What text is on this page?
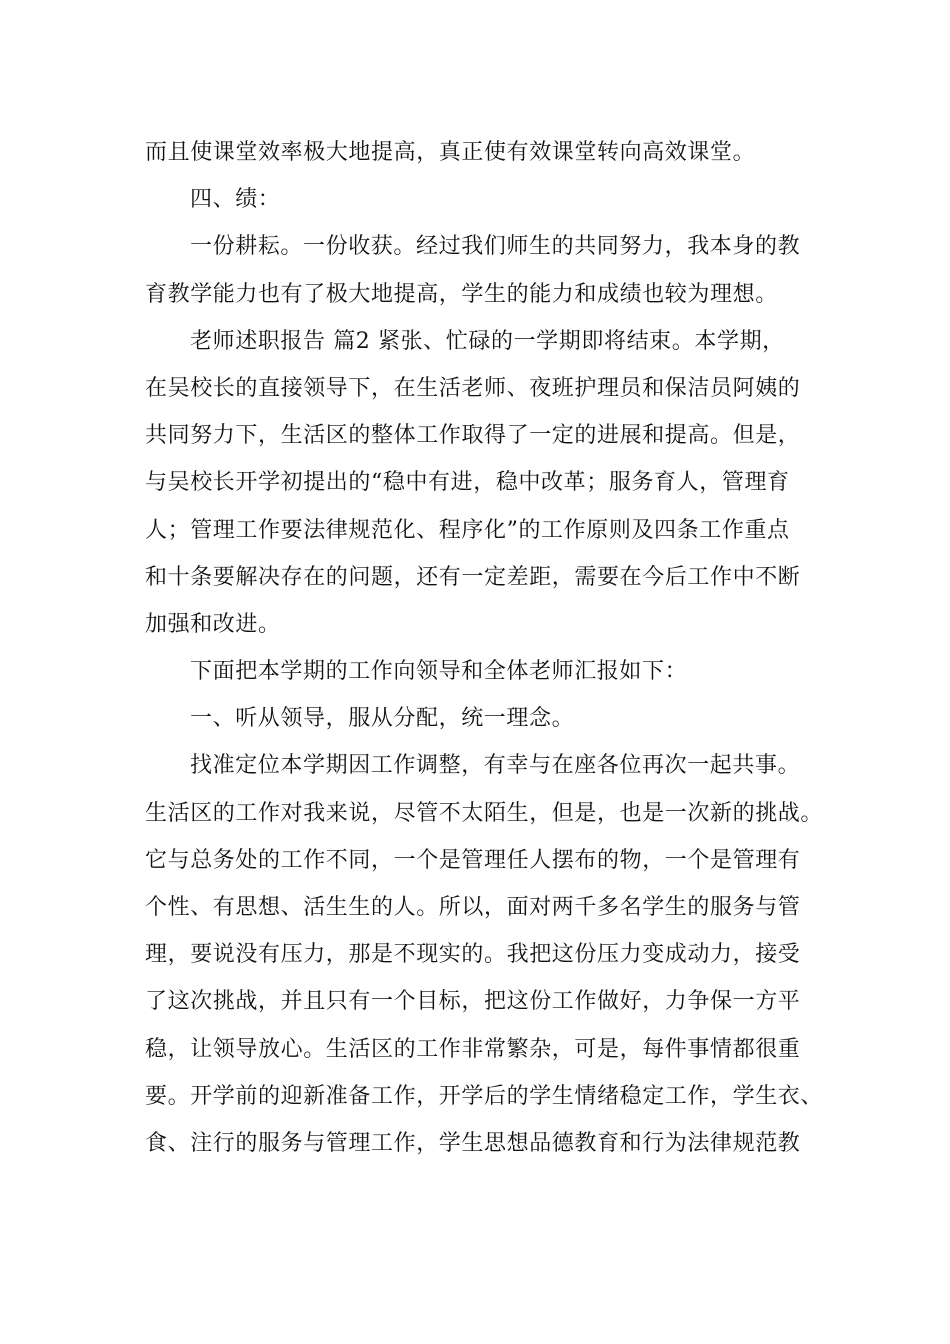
而且使课堂效率极大地提高，真正使有效课堂转向高效课堂。
四、绩：
一份耕耘。一份收获。经过我们师生的共同努力，我本身的教
育教学能力也有了极大地提高，学生的能力和成绩也较为理想。
老师述职报告 篇2 紧张、忙碌的一学期即将结束。本学期，
在吴校长的直接领导下，在生活老师、夜班护理员和保洁员阿姨的
共同努力下，生活区的整体工作取得了一定的进展和提高。但是，
与吴校长开学初提出的“稳中有进，稳中改革；服务育人，管理育
人；管理工作要法律规范化、程序化”的工作原则及四条工作重点
和十条要解决存在的问题，还有一定差距，需要在今后工作中不断
加强和改进。
下面把本学期的工作向领导和全体老师汇报如下：
一、听从领导，服从分配，统一理念。
找准定位本学期因工作调整，有幸与在座各位再次一起共事。
生活区的工作对我来说，尽管不太陌生，但是，也是一次新的挑战。
它与总务处的工作不同，一个是管理任人摆布的物，一个是管理有
个性、有思想、活生生的人。所以，面对两千多名学生的服务与管
理，要说没有压力，那是不现实的。我把这份压力变成动力，接受
了这次挑战，并且只有一个目标，把这份工作做好，力争保一方平
稳，让领导放心。生活区的工作非常繁杂，可是，每件事情都很重
要。开学前的迎新准备工作，开学后的学生情绪稳定工作，学生衣、
食、注行的服务与管理工作，学生思想品德教育和行为法律规范教
